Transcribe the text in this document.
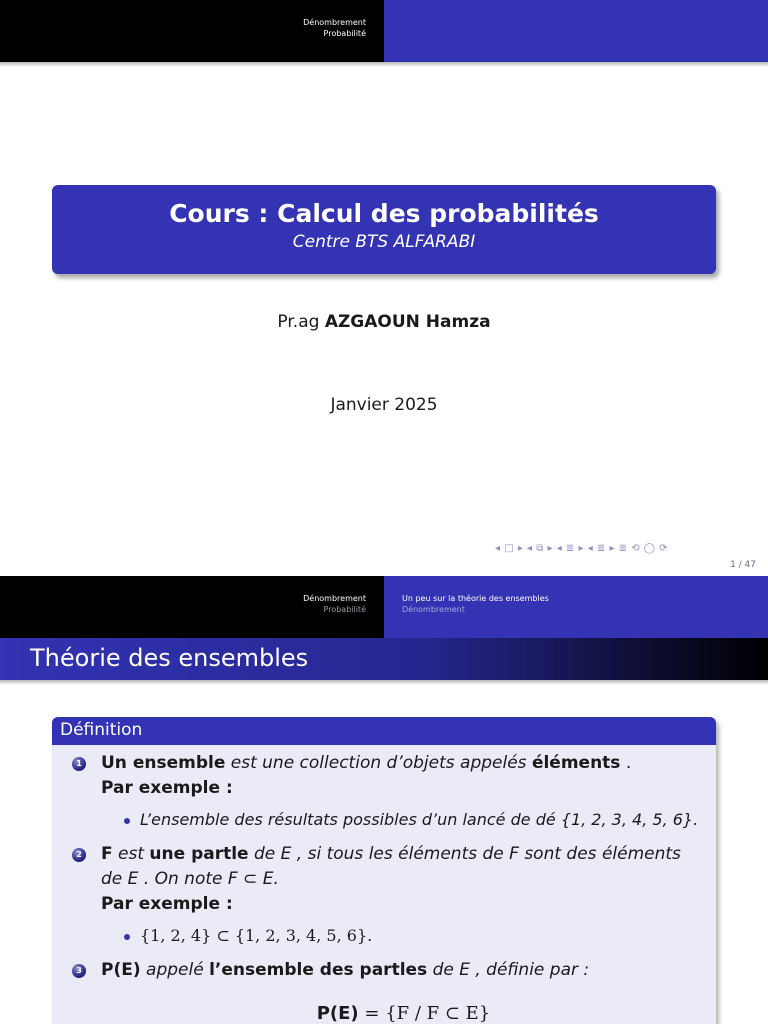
Dénombrement
Probabilité
Cours : Calcul des probabilités
Centre BTS ALFARABI
Pr.ag AZGAOUN Hamza
Janvier 2025
◂ □ ▸ ◂ ⧉ ▸ ◂ ≣ ▸ ◂ ≣ ▸ ≣ ⟲ ◯ ⟳
1 / 47
Dénombrement
Probabilité
Un peu sur la théorie des ensembles
Dénombrement
Théorie des ensembles
Définition
1 Un ensemble est une collection d’objets appelés éléments .
Par exemple :
L’ensemble des résultats possibles d’un lancé de dé {1, 2, 3, 4, 5, 6}.
2 F est une partle de E , si tous les éléments de F sont des éléments de E . On note F ⊂ E.
Par exemple :
{1, 2, 4} ⊂ {1, 2, 3, 4, 5, 6}.
3 P(E) appelé l’ensemble des partles de E , définie par :
P(E) = {F / F ⊂ E}
